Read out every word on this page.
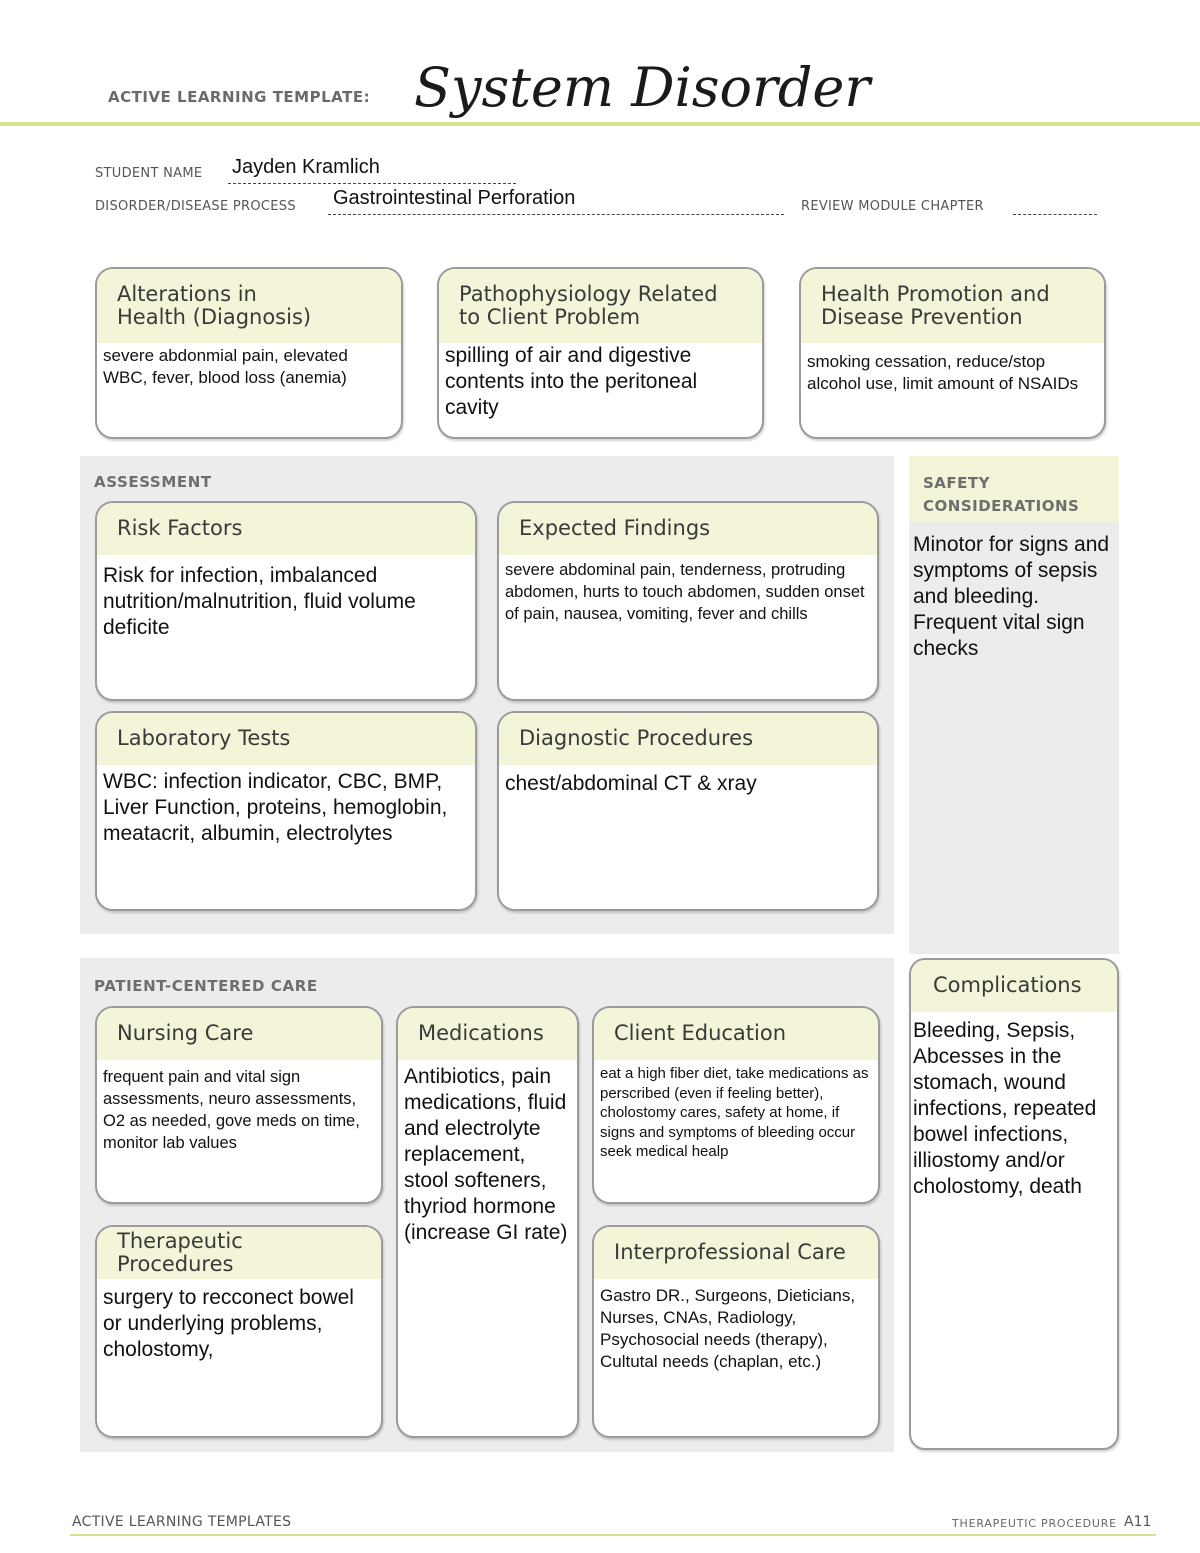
ACTIVE LEARNING TEMPLATE: System Disorder
STUDENT NAME Jayden Kramlich
DISORDER/DISEASE PROCESS Gastrointestinal Perforation	REVIEW MODULE CHAPTER
Alterations in
Health (Diagnosis)
severe abdonmial pain, elevated WBC, fever, blood loss (anemia)
Pathophysiology Related
to Client Problem
spilling of air and digestive contents into the peritoneal cavity
Health Promotion and
Disease Prevention
smoking cessation, reduce/stop alcohol use, limit amount of NSAIDs
ASSESSMENT
Risk Factors
Risk for infection, imbalanced nutrition/malnutrition, fluid volume deficite
Expected Findings
severe abdominal pain, tenderness, protruding abdomen, hurts to touch abdomen, sudden onset of pain, nausea, vomiting, fever and chills
Laboratory Tests
WBC: infection indicator, CBC, BMP, Liver Function, proteins, hemoglobin, meatacrit, albumin, electrolytes
Diagnostic Procedures
chest/abdominal CT & xray
SAFETY CONSIDERATIONS
Minotor for signs and symptoms of sepsis and bleeding. Frequent vital sign checks
PATIENT-CENTERED CARE
Nursing Care
frequent pain and vital sign assessments, neuro assessments, O2 as needed, gove meds on time, monitor lab values
Medications
Antibiotics, pain medications, fluid and electrolyte replacement, stool softeners, thyriod hormone (increase GI rate)
Client Education
eat a high fiber diet, take medications as perscribed (even if feeling better), cholostomy cares, safety at home, if signs and symptoms of bleeding occur seek medical healp
Therapeutic Procedures
surgery to recconect bowel or underlying problems, cholostomy,
Interprofessional Care
Gastro DR., Surgeons, Dieticians, Nurses, CNAs, Radiology, Psychosocial needs (therapy), Cultutal needs (chaplan, etc.)
Complications
Bleeding, Sepsis, Abcesses in the stomach, wound infections, repeated bowel infections, illiostomy and/or cholostomy, death
ACTIVE LEARNING TEMPLATES	THERAPEUTIC PROCEDURE A11
